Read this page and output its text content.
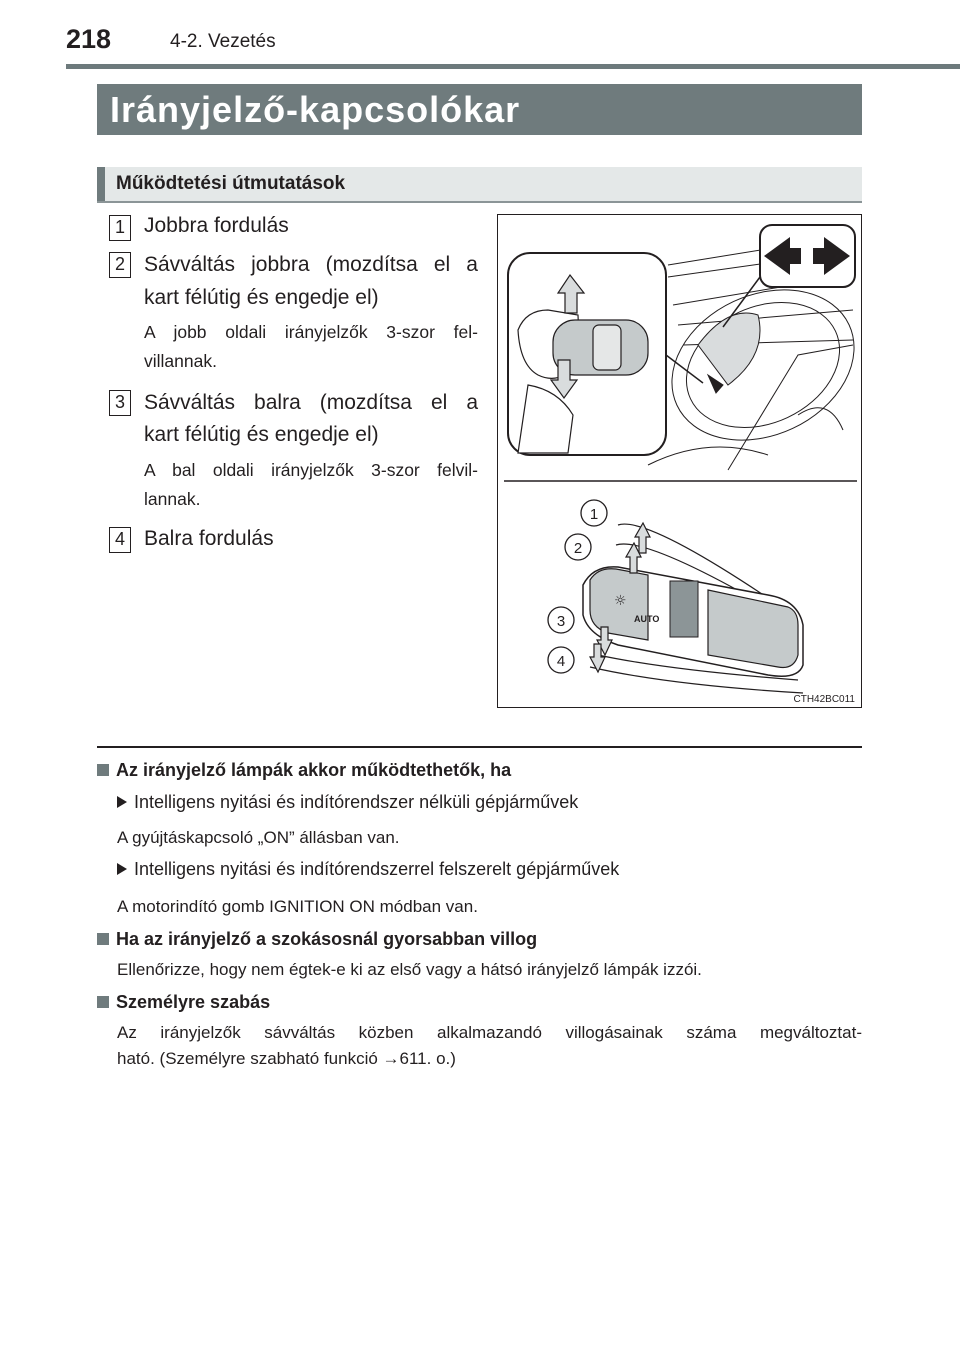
218	4-2. Vezetés
Irányjelző-kapcsolókar
Működtetési útmutatások
1 Jobbra fordulás
2 Sávváltás jobbra (mozdítsa el a
kart félútig és engedje el)
A jobb oldali irányjelzők 3-szor fel-
villannak.
3 Sávváltás balra (mozdítsa el a
kart félútig és engedje el)
A bal oldali irányjelzők 3-szor felvil-
lannak.
4 Balra fordulás
AUTO
☼
1
2
3
4
CTH42BC011
Az irányjelző lámpák akkor működtethetők, ha
Intelligens nyitási és indítórendszer nélküli gépjárművek
A gyújtáskapcsoló „ON” állásban van.
Intelligens nyitási és indítórendszerrel felszerelt gépjárművek
A motorindító gomb IGNITION ON módban van.
Ha az irányjelző a szokásosnál gyorsabban villog
Ellenőrizze, hogy nem égtek-e ki az első vagy a hátsó irányjelző lámpák izzói.
Személyre szabás
Az irányjelzők sávváltás közben alkalmazandó villogásainak száma megváltoztat-
ható. (Személyre szabható funkció →611. o.)
